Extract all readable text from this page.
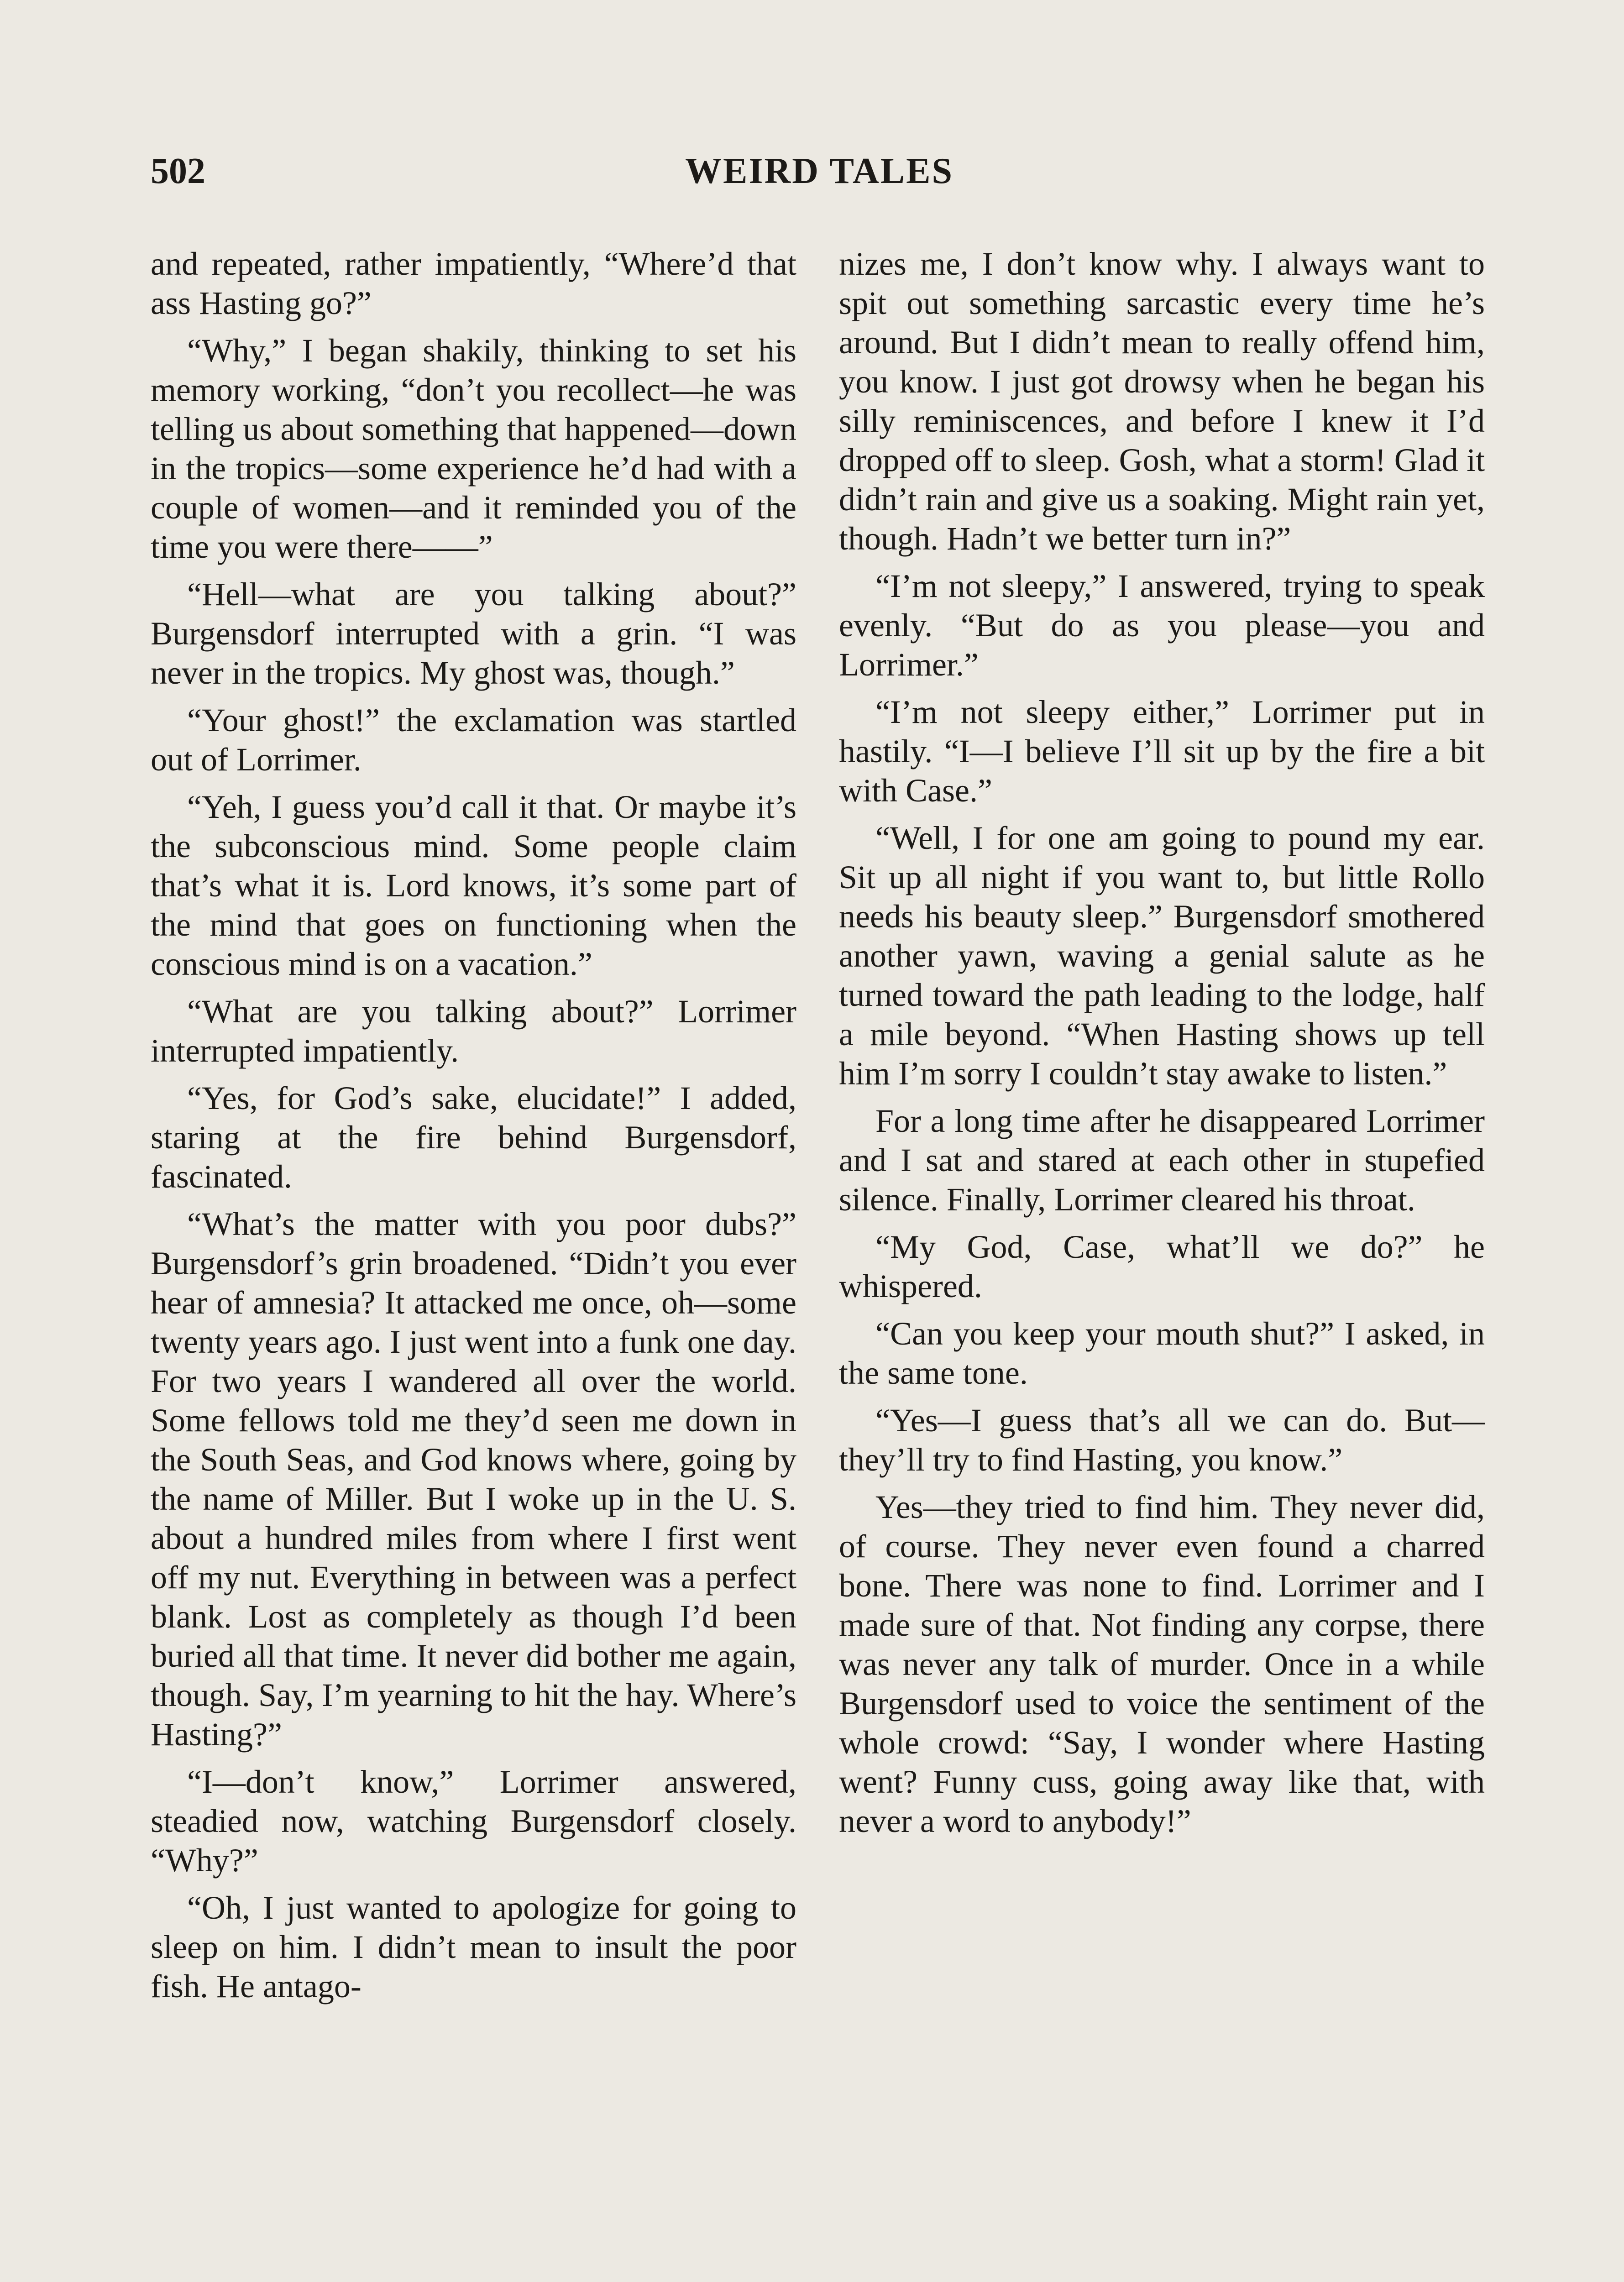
502	WEIRD TALES

and repeated, rather impatiently, “Where’d that ass Hasting go?”

“Why,” I began shakily, thinking to set his memory working, “don’t you recollect—he was telling us about something that happened—down in the tropics—some experience he’d had with a couple of women—and it reminded you of the time you were there——”

“Hell—what are you talking about?” Burgensdorf interrupted with a grin. “I was never in the tropics. My ghost was, though.”

“Your ghost!” the exclamation was startled out of Lorrimer.

“Yeh, I guess you’d call it that. Or maybe it’s the subconscious mind. Some people claim that’s what it is. Lord knows, it’s some part of the mind that goes on functioning when the conscious mind is on a vacation.”

“What are you talking about?” Lorrimer interrupted impatiently.

“Yes, for God’s sake, elucidate!” I added, staring at the fire behind Burgensdorf, fascinated.

“What’s the matter with you poor dubs?” Burgensdorf’s grin broadened. “Didn’t you ever hear of amnesia? It attacked me once, oh—some twenty years ago. I just went into a funk one day. For two years I wandered all over the world. Some fellows told me they’d seen me down in the South Seas, and God knows where, going by the name of Miller. But I woke up in the U. S. about a hundred miles from where I first went off my nut. Everything in between was a perfect blank. Lost as completely as though I’d been buried all that time. It never did bother me again, though. Say, I’m yearning to hit the hay. Where’s Hasting?”

“I—don’t know,” Lorrimer answered, steadied now, watching Burgensdorf closely. “Why?”

“Oh, I just wanted to apologize for going to sleep on him. I didn’t mean to insult the poor fish. He antago-

nizes me, I don’t know why. I always want to spit out something sarcastic every time he’s around. But I didn’t mean to really offend him, you know. I just got drowsy when he began his silly reminiscences, and before I knew it I’d dropped off to sleep. Gosh, what a storm! Glad it didn’t rain and give us a soaking. Might rain yet, though. Hadn’t we better turn in?”

“I’m not sleepy,” I answered, trying to speak evenly. “But do as you please—you and Lorrimer.”

“I’m not sleepy either,” Lorrimer put in hastily. “I—I believe I’ll sit up by the fire a bit with Case.”

“Well, I for one am going to pound my ear. Sit up all night if you want to, but little Rollo needs his beauty sleep.” Burgensdorf smothered another yawn, waving a genial salute as he turned toward the path leading to the lodge, half a mile beyond. “When Hasting shows up tell him I’m sorry I couldn’t stay awake to listen.”

For a long time after he disappeared Lorrimer and I sat and stared at each other in stupefied silence. Finally, Lorrimer cleared his throat.

“My God, Case, what’ll we do?” he whispered.

“Can you keep your mouth shut?” I asked, in the same tone.

“Yes—I guess that’s all we can do. But—they’ll try to find Hasting, you know.”

Yes—they tried to find him. They never did, of course. They never even found a charred bone. There was none to find. Lorrimer and I made sure of that. Not finding any corpse, there was never any talk of murder. Once in a while Burgensdorf used to voice the sentiment of the whole crowd: “Say, I wonder where Hasting went? Funny cuss, going away like that, with never a word to anybody!”
